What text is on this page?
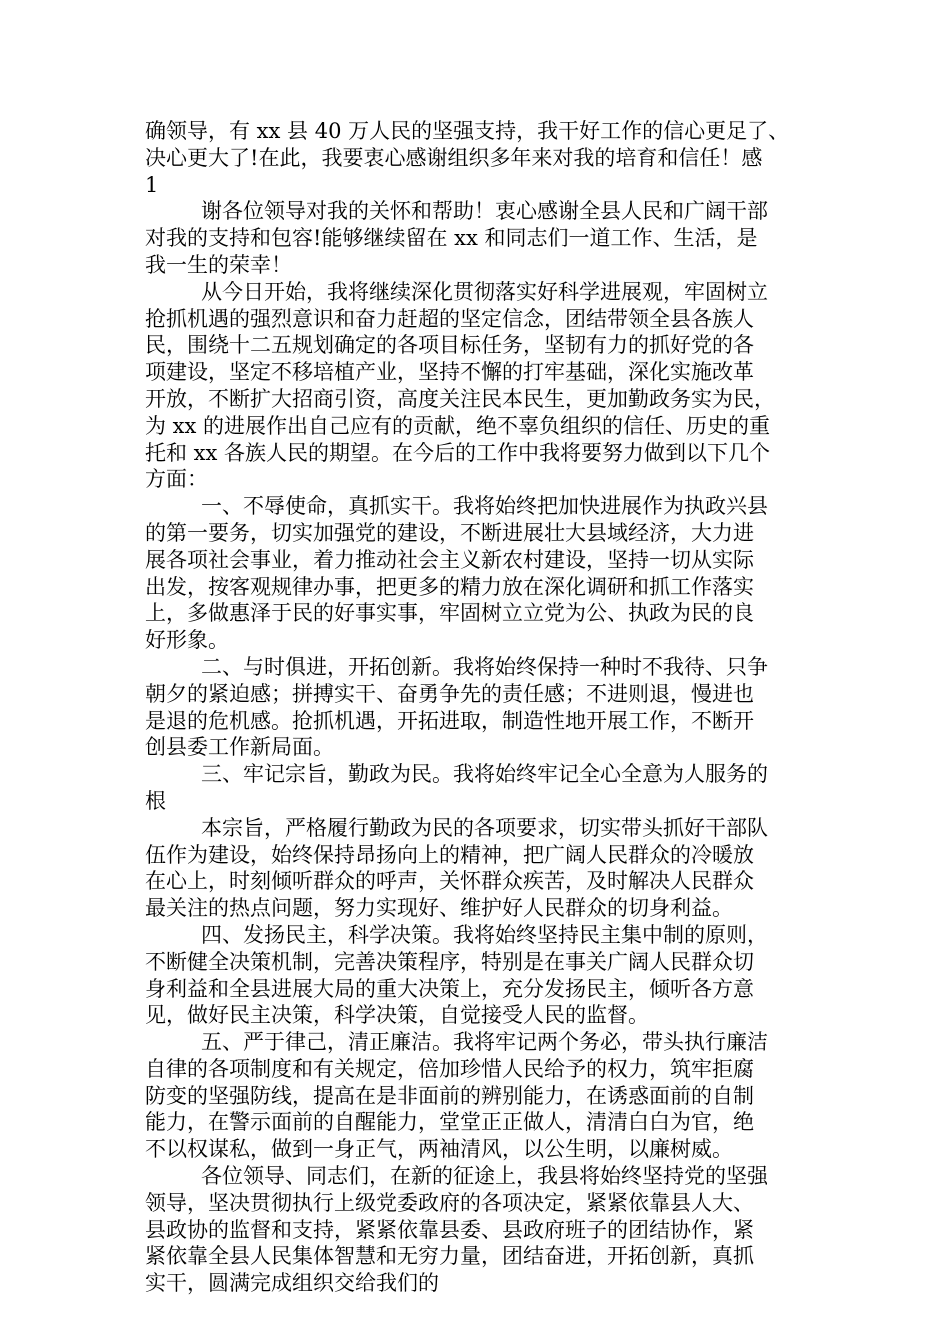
确领导，有 xx 县 40 万人民的坚强支持，我干好工作的信心更足了、
决心更大了!在此，我要衷心感谢组织多年来对我的培育和信任！感
1
谢各位领导对我的关怀和帮助！衷心感谢全县人民和广阔干部
对我的支持和包容!能够继续留在 xx 和同志们一道工作、生活，是
我一生的荣幸！
从今日开始，我将继续深化贯彻落实好科学进展观，牢固树立
抢抓机遇的强烈意识和奋力赶超的坚定信念，团结带领全县各族人
民，围绕十二五规划确定的各项目标任务，坚韧有力的抓好党的各
项建设，坚定不移培植产业，坚持不懈的打牢基础，深化实施改革
开放，不断扩大招商引资，高度关注民本民生，更加勤政务实为民，
为 xx 的进展作出自己应有的贡献，绝不辜负组织的信任、历史的重
托和 xx 各族人民的期望。在今后的工作中我将要努力做到以下几个
方面：
一、不辱使命，真抓实干。我将始终把加快进展作为执政兴县
的第一要务，切实加强党的建设，不断进展壮大县域经济，大力进
展各项社会事业，着力推动社会主义新农村建设，坚持一切从实际
出发，按客观规律办事，把更多的精力放在深化调研和抓工作落实
上，多做惠泽于民的好事实事，牢固树立立党为公、执政为民的良
好形象。
二、与时俱进，开拓创新。我将始终保持一种时不我待、只争
朝夕的紧迫感；拼搏实干、奋勇争先的责任感；不进则退，慢进也
是退的危机感。抢抓机遇，开拓进取，制造性地开展工作，不断开
创县委工作新局面。
三、牢记宗旨，勤政为民。我将始终牢记全心全意为人服务的
根
本宗旨，严格履行勤政为民的各项要求，切实带头抓好干部队
伍作为建设，始终保持昂扬向上的精神，把广阔人民群众的冷暖放
在心上，时刻倾听群众的呼声，关怀群众疾苦，及时解决人民群众
最关注的热点问题，努力实现好、维护好人民群众的切身利益。
四、发扬民主，科学决策。我将始终坚持民主集中制的原则，
不断健全决策机制，完善决策程序，特别是在事关广阔人民群众切
身利益和全县进展大局的重大决策上，充分发扬民主，倾听各方意
见，做好民主决策，科学决策，自觉接受人民的监督。
五、严于律己，清正廉洁。我将牢记两个务必，带头执行廉洁
自律的各项制度和有关规定，倍加珍惜人民给予的权力，筑牢拒腐
防变的坚强防线，提高在是非面前的辨别能力，在诱惑面前的自制
能力，在警示面前的自醒能力，堂堂正正做人，清清白白为官，绝
不以权谋私，做到一身正气，两袖清风，以公生明，以廉树威。
各位领导、同志们，在新的征途上，我县将始终坚持党的坚强
领导，坚决贯彻执行上级党委政府的各项决定，紧紧依靠县人大、
县政协的监督和支持，紧紧依靠县委、县政府班子的团结协作，紧
紧依靠全县人民集体智慧和无穷力量，团结奋进，开拓创新，真抓
实干，圆满完成组织交给我们的
